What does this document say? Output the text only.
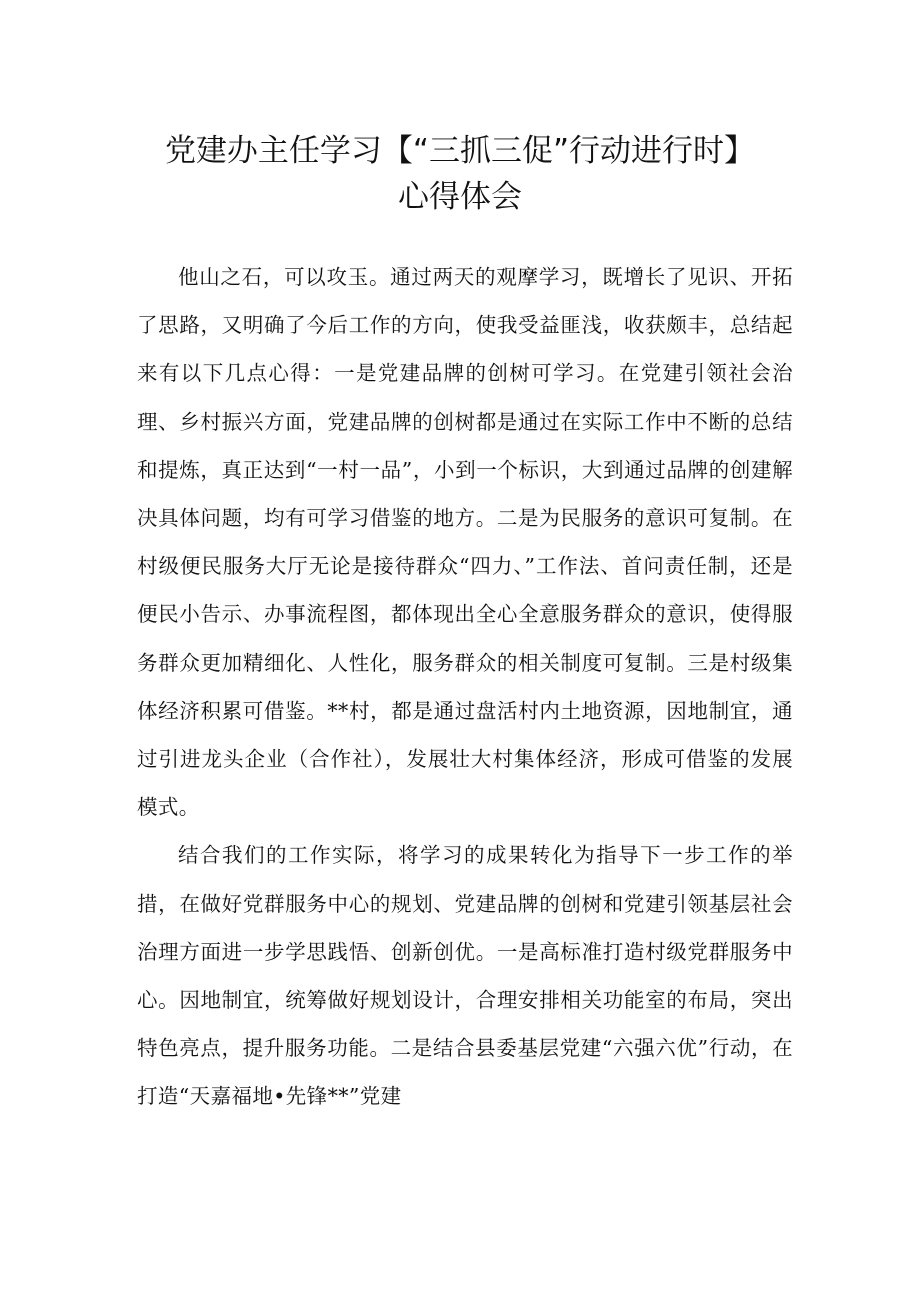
党建办主任学习【“三抓三促”行动进行时】
心得体会

他山之石，可以攻玉。通过两天的观摩学习，既增长了见识、开拓了思路，又明确了今后工作的方向，使我受益匪浅，收获颇丰，总结起来有以下几点心得：一是党建品牌的创树可学习。在党建引领社会治理、乡村振兴方面，党建品牌的创树都是通过在实际工作中不断的总结和提炼，真正达到“一村一品”，小到一个标识，大到通过品牌的创建解决具体问题，均有可学习借鉴的地方。二是为民服务的意识可复制。在村级便民服务大厅无论是接待群众“四力、”工作法、首问责任制，还是便民小告示、办事流程图，都体现出全心全意服务群众的意识，使得服务群众更加精细化、人性化，服务群众的相关制度可复制。三是村级集体经济积累可借鉴。**村，都是通过盘活村内土地资源，因地制宜，通过引进龙头企业（合作社），发展壮大村集体经济，形成可借鉴的发展模式。

结合我们的工作实际，将学习的成果转化为指导下一步工作的举措，在做好党群服务中心的规划、党建品牌的创树和党建引领基层社会治理方面进一步学思践悟、创新创优。一是高标准打造村级党群服务中心。因地制宜，统筹做好规划设计，合理安排相关功能室的布局，突出特色亮点，提升服务功能。二是结合县委基层党建“六强六优”行动，在打造“天嘉福地•先锋**”党建
